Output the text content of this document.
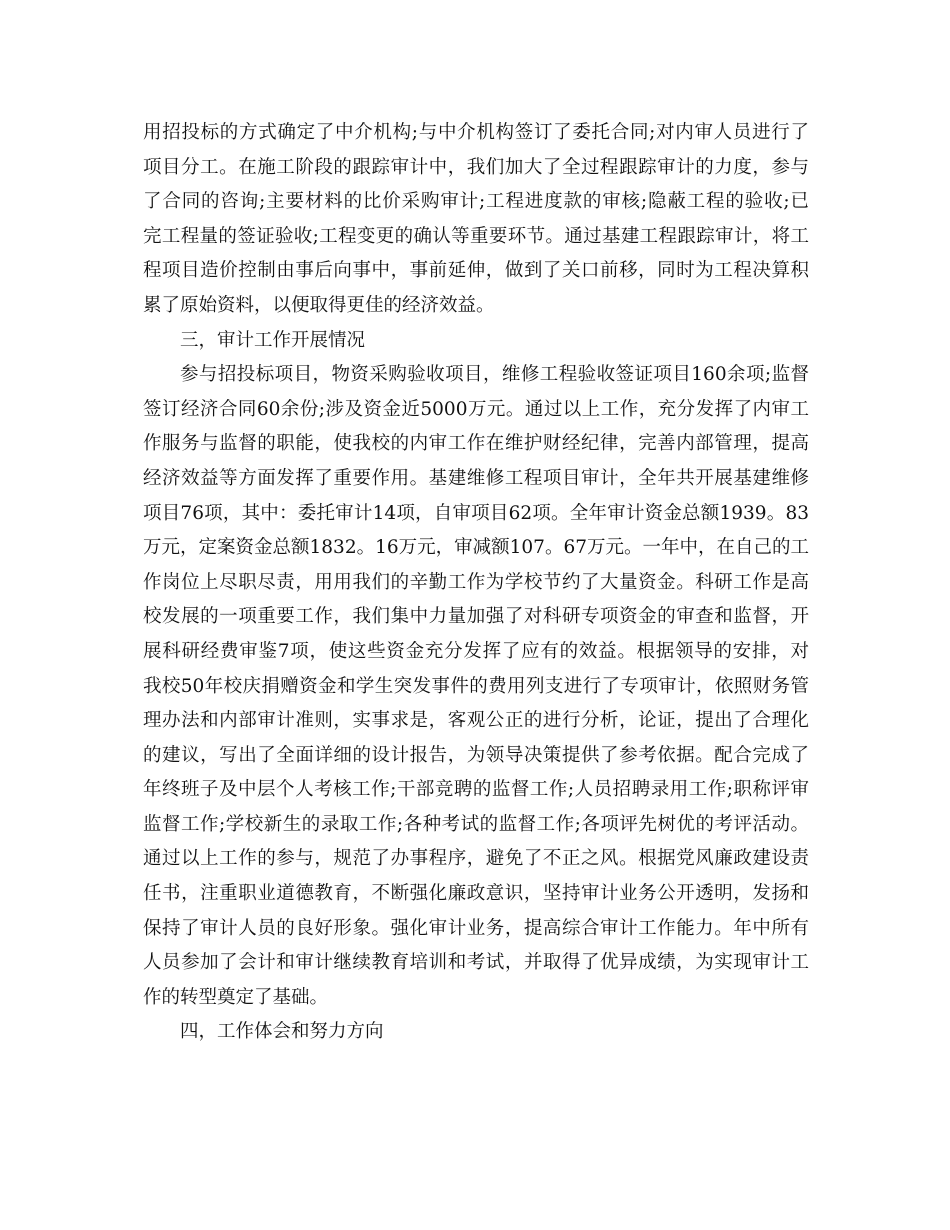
用招投标的方式确定了中介机构;与中介机构签订了委托合同;对内审人员进行了
项目分工。在施工阶段的跟踪审计中，我们加大了全过程跟踪审计的力度，参与
了合同的咨询;主要材料的比价采购审计;工程进度款的审核;隐蔽工程的验收;已
完工程量的签证验收;工程变更的确认等重要环节。通过基建工程跟踪审计，将工
程项目造价控制由事后向事中，事前延伸，做到了关口前移，同时为工程决算积
累了原始资料，以便取得更佳的经济效益。
三，审计工作开展情况
参与招投标项目，物资采购验收项目，维修工程验收签证项目160余项;监督
签订经济合同60余份;涉及资金近5000万元。通过以上工作，充分发挥了内审工
作服务与监督的职能，使我校的内审工作在维护财经纪律，完善内部管理，提高
经济效益等方面发挥了重要作用。基建维修工程项目审计，全年共开展基建维修
项目76项，其中：委托审计14项，自审项目62项。全年审计资金总额1939。83
万元，定案资金总额1832。16万元，审减额107。67万元。一年中，在自己的工
作岗位上尽职尽责，用用我们的辛勤工作为学校节约了大量资金。科研工作是高
校发展的一项重要工作，我们集中力量加强了对科研专项资金的审查和监督，开
展科研经费审鉴7项，使这些资金充分发挥了应有的效益。根据领导的安排，对
我校50年校庆捐赠资金和学生突发事件的费用列支进行了专项审计，依照财务管
理办法和内部审计准则，实事求是，客观公正的进行分析，论证，提出了合理化
的建议，写出了全面详细的设计报告，为领导决策提供了参考依据。配合完成了
年终班子及中层个人考核工作;干部竞聘的监督工作;人员招聘录用工作;职称评审
监督工作;学校新生的录取工作;各种考试的监督工作;各项评先树优的考评活动。
通过以上工作的参与，规范了办事程序，避免了不正之风。根据党风廉政建设责
任书，注重职业道德教育，不断强化廉政意识，坚持审计业务公开透明，发扬和
保持了审计人员的良好形象。强化审计业务，提高综合审计工作能力。年中所有
人员参加了会计和审计继续教育培训和考试，并取得了优异成绩，为实现审计工
作的转型奠定了基础。
四，工作体会和努力方向
